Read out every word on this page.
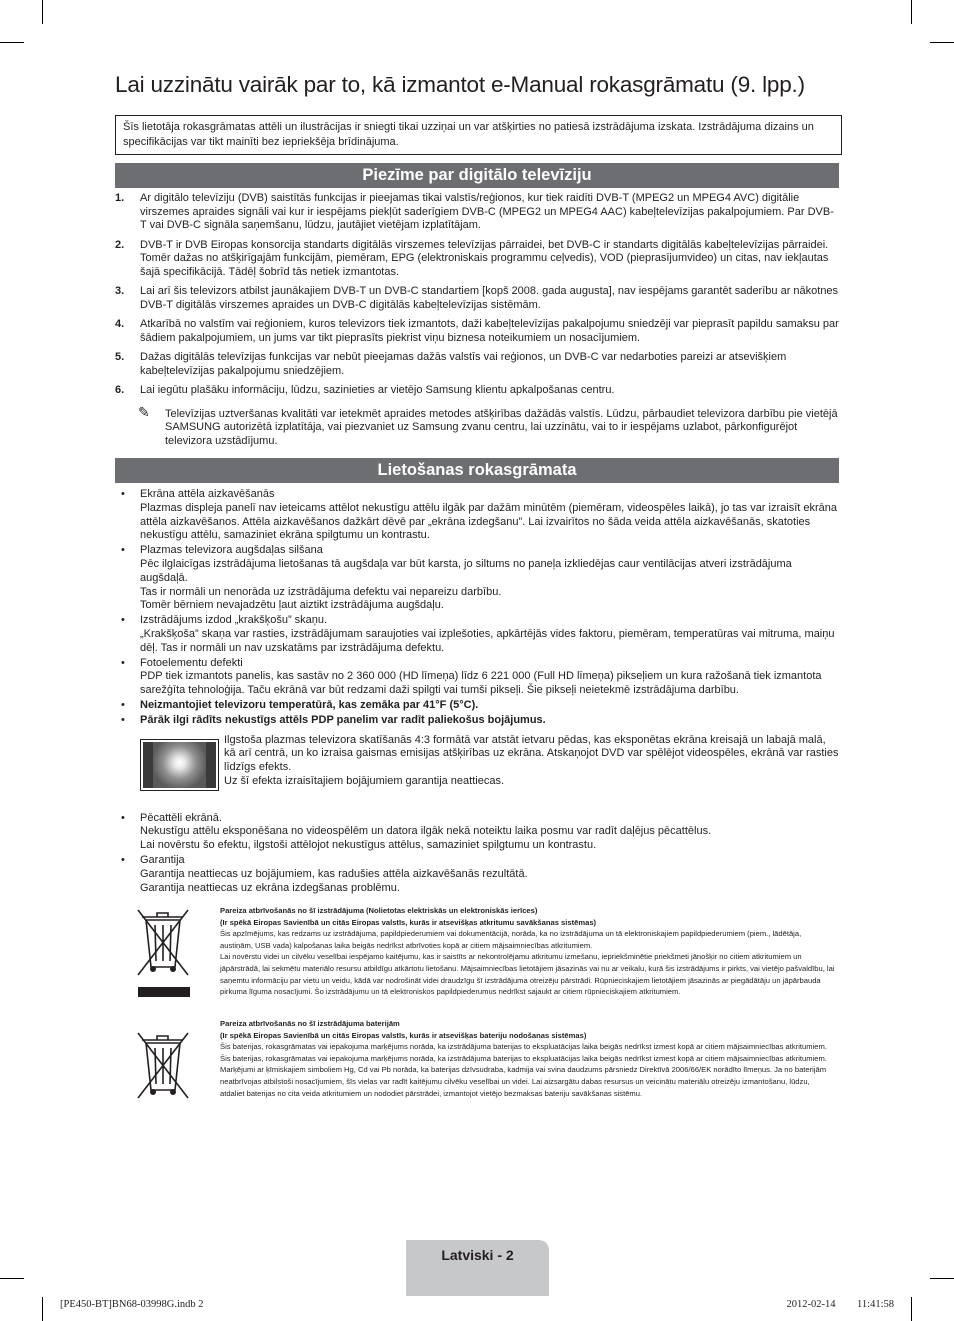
Lai uzzinātu vairāk par to, kā izmantot e-Manual rokasgrāmatu (9. lpp.)
Šīs lietotāja rokasgrāmatas attēli un ilustrācijas ir sniegti tikai uzziņai un var atšķirties no patiesā izstrādājuma izskata. Izstrādājuma dizains un specifikācijas var tikt mainīti bez iepriekšēja brīdinājuma.
Piezīme par digitālo televīziju
1. Ar digitālo televīziju (DVB) saistītās funkcijas ir pieejamas tikai valstīs/reģionos, kur tiek raidīti DVB-T (MPEG2 un MPEG4 AVC) digitālie virszemes apraides signāli vai kur ir iespējams piekļūt saderīgiem DVB-C (MPEG2 un MPEG4 AAC) kabeļtelevīzijas pakalpojumiem. Par DVB-T vai DVB-C signāla saņemšanu, lūdzu, jautājiet vietējam izplatītājam.
2. DVB-T ir DVB Eiropas konsorcija standarts digitālās virszemes televīzijas pārraidei, bet DVB-C ir standarts digitālās kabeļtelevīzijas pārraidei. Tomēr dažas no atšķirīgajām funkcijām, piemēram, EPG (elektroniskais programmu ceļvedis), VOD (pieprasījumvideo) un citas, nav iekļautas šajā specifikācijā. Tādēļ šobrīd tās netiek izmantotas.
3. Lai arī šis televizors atbilst jaunākajiem DVB-T un DVB-C standartiem [kopš 2008. gada augusta], nav iespējams garantēt saderību ar nākotnes DVB-T digitālās virszemes apraides un DVB-C digitālās kabeļtelevīzijas sistēmām.
4. Atkarībā no valstīm vai reģioniem, kuros televizors tiek izmantots, daži kabeļtelevīzijas pakalpojumu sniedzēji var pieprasīt papildu samaksu par šādiem pakalpojumiem, un jums var tikt pieprasīts piekrist viņu biznesa noteikumiem un nosacījumiem.
5. Dažas digitālās televīzijas funkcijas var nebūt pieejamas dažās valstīs vai reģionos, un DVB-C var nedarboties pareizi ar atsevišķiem kabeļtelevīzijas pakalpojumu sniedzējiem.
6. Lai iegūtu plašāku informāciju, lūdzu, sazinieties ar vietējo Samsung klientu apkalpošanas centru.
✎ Televīzijas uztveršanas kvalitāti var ietekmēt apraides metodes atšķirības dažādās valstīs. Lūdzu, pārbaudiet televizora darbību pie vietējā SAMSUNG autorizētā izplatītāja, vai piezvaniet uz Samsung zvanu centru, lai uzzinātu, vai to ir iespējams uzlabot, pārkonfigurējot televizora uzstādījumu.
Lietošanas rokasgrāmata
• Ekrāna attēla aizkavēšanās
Plazmas displeja panelī nav ieteicams attēlot nekustīgu attēlu ilgāk par dažām minūtēm (piemēram, videospēles laikā), jo tas var izraisīt ekrāna attēla aizkavēšanos. Attēla aizkavēšanos dažkārt dēvē par „ekrāna izdegšanu”. Lai izvairītos no šāda veida attēla aizkavēšanās, skatoties nekustīgu attēlu, samaziniet ekrāna spilgtumu un kontrastu.
• Plazmas televizora augšdaļas silšana
Pēc ilglaicīgas izstrādājuma lietošanas tā augšdaļa var būt karsta, jo siltums no paneļa izkliedējas caur ventilācijas atveri izstrādājuma augšdaļā.
Tas ir normāli un nenorāda uz izstrādājuma defektu vai nepareizu darbību.
Tomēr bērniem nevajadzētu ļaut aiztikt izstrādājuma augšdaļu.
• Izstrādājums izdod „krakšķošu” skaņu.
„Krakšķoša” skaņa var rasties, izstrādājumam saraujoties vai izplešoties, apkārtējās vides faktoru, piemēram, temperatūras vai mitruma, maiņu dēļ. Tas ir normāli un nav uzskatāms par izstrādājuma defektu.
• Fotoelementu defekti
PDP tiek izmantots panelis, kas sastāv no 2 360 000 (HD līmeņa) līdz 6 221 000 (Full HD līmeņa) pikseļiem un kura ražošanā tiek izmantota sarežģīta tehnoloģija. Taču ekrānā var būt redzami daži spilgti vai tumši pikseļi. Šie pikseļi neietekmē izstrādājuma darbību.
• Neizmantojiet televizoru temperatūrā, kas zemāka par 41°F (5°C).
• Pārāk ilgi rādīts nekustīgs attēls PDP panelim var radīt paliekošus bojājumus.
Ilgstoša plazmas televizora skatīšanās 4:3 formātā var atstāt ietvaru pēdas, kas eksponētas ekrāna kreisajā un labajā malā, kā arī centrā, un ko izraisa gaismas emisijas atšķirības uz ekrāna. Atskaņojot DVD var spēlējot videospēles, ekrānā var rasties līdzīgs efekts.
Uz šī efekta izraisītajiem bojājumiem garantija neattiecas.
• Pēcattēli ekrānā.
Nekustīgu attēlu eksponēšana no videospēlēm un datora ilgāk nekā noteiktu laika posmu var radīt daļējus pēcattēlus.
Lai novērstu šo efektu, ilgstoši attēlojot nekustīgus attēlus, samaziniet spilgtumu un kontrastu.
• Garantija
Garantija neattiecas uz bojājumiem, kas radušies attēla aizkavēšanās rezultātā.
Garantija neattiecas uz ekrāna izdegšanas problēmu.
Pareiza atbrīvošanās no šī izstrādājuma (Nolietotas elektriskās un elektroniskās ierīces)
(Ir spēkā Eiropas Savienībā un citās Eiropas valstīs, kurās ir atsevišķas atkritumu savākšanas sistēmas)
Šis apzīmējums, kas redzams uz izstrādājuma, papildpiederumiem vai dokumentācijā, norāda, ka no izstrādājuma un tā elektroniskajiem papildpiederumiem (piem., lādētāja, austiņām, USB vada) kalpošanas laika beigās nedrīkst atbrīvoties kopā ar citiem mājsaimniecības atkritumiem.
Lai novērstu videi un cilvēku veselībai iespējamo kaitējumu, kas ir saistīts ar nekontrolējamu atkritumu izmešanu, iepriekšminētie priekšmeti jānošķir no citiem atkritumiem un jāpārstrādā, lai sekmētu materiālo resursu atbildīgu atkārtotu lietošanu. Mājsaimniecības lietotājiem jāsazinās vai nu ar veikalu, kurā šis izstrādājums ir pirkts, vai vietējo pašvaldību, lai saņemtu informāciju par vietu un veidu, kādā var nodrošināt videi draudzīgu šī izstrādājuma otreizēju pārstrādi. Rūpnieciskajiem lietotājiem jāsazinās ar piegādātāju un jāpārbauda pirkuma līguma nosacījumi. Šo izstrādājumu un tā elektroniskos papildpiederumus nedrīkst sajaukt ar citiem rūpnieciskajiem atkritumiem.
Pareiza atbrīvošanās no šī izstrādājuma baterijām
(Ir spēkā Eiropas Savienībā un citās Eiropas valstīs, kurās ir atsevišķas bateriju nodošanas sistēmas)
Šis baterijas, rokasgrāmatas vai iepakojuma marķējums norāda, ka izstrādājuma baterijas to ekspluatācijas laika beigās nedrīkst izmest kopā ar citiem mājsaimniecības atkritumiem. Šis baterijas, rokasgrāmatas vai iepakojuma marķējums norāda, ka izstrādājuma baterijas to ekspluatācijas laika beigās nedrīkst izmest kopā ar citiem mājsaimniecības atkritumiem. Marķējumi ar ķīmiskajiem simboliem Hg, Cd vai Pb norāda, ka baterijas dzīvsudraba, kadmija vai svina daudzums pārsniedz Direktīvā 2006/66/EK norādīto līmeņus. Ja no baterijām neatbrīvojas atbilstoši nosacījumiem, šīs vielas var radīt kaitējumu cilvēku veselībai un videi. Lai aizsargātu dabas resursus un veicinātu materiālu otreizēju izmantošanu, lūdzu, atdaliet baterijas no cita veida atkritumiem un nododiet pārstrādei, izmantojot vietējo bezmaksas bateriju savākšanas sistēmu.
Latviski - 2
[PE450-BT]BN68-03998G.indb 2	2012-02-14 ￿￿ 11:41:58
